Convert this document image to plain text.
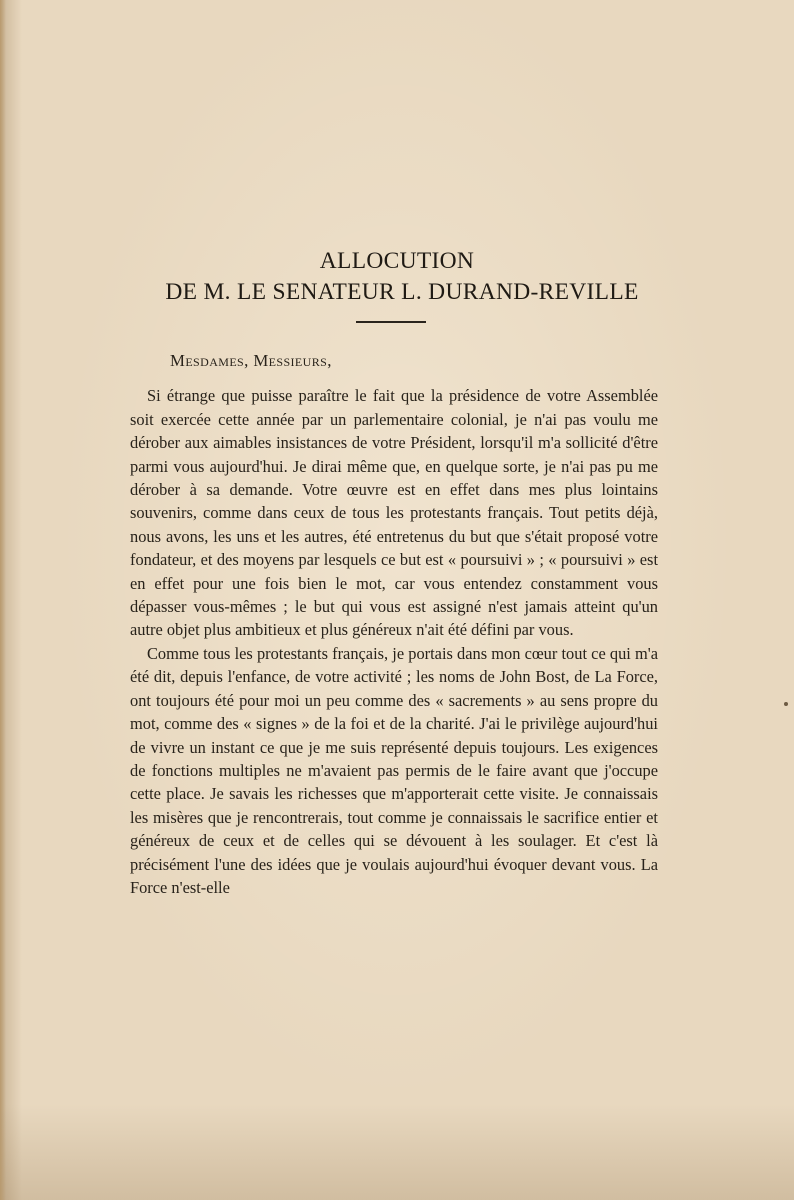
ALLOCUTION
DE M. LE SENATEUR L. DURAND-REVILLE

Mesdames, Messieurs,

Si étrange que puisse paraître le fait que la présidence de votre Assemblée soit exercée cette année par un parlementaire colonial, je n'ai pas voulu me dérober aux aimables insistances de votre Président, lorsqu'il m'a sollicité d'être parmi vous aujourd'hui. Je dirai même que, en quelque sorte, je n'ai pas pu me dérober à sa demande. Votre œuvre est en effet dans mes plus lointains souvenirs, comme dans ceux de tous les protestants français. Tout petits déjà, nous avons, les uns et les autres, été entretenus du but que s'était proposé votre fondateur, et des moyens par lesquels ce but est « poursuivi » ; « poursuivi » est en effet pour une fois bien le mot, car vous entendez constamment vous dépasser vous-mêmes ; le but qui vous est assigné n'est jamais atteint qu'un autre objet plus ambitieux et plus généreux n'ait été défini par vous.

Comme tous les protestants français, je portais dans mon cœur tout ce qui m'a été dit, depuis l'enfance, de votre activité ; les noms de John Bost, de La Force, ont toujours été pour moi un peu comme des « sacrements » au sens propre du mot, comme des « signes » de la foi et de la charité. J'ai le privilège aujourd'hui de vivre un instant ce que je me suis représenté depuis toujours. Les exigences de fonctions multiples ne m'avaient pas permis de le faire avant que j'occupe cette place. Je savais les richesses que m'apporterait cette visite. Je connaissais les misères que je rencontrerais, tout comme je connaissais le sacrifice entier et généreux de ceux et de celles qui se dévouent à les soulager. Et c'est là précisément l'une des idées que je voulais aujourd'hui évoquer devant vous. La Force n'est-elle
